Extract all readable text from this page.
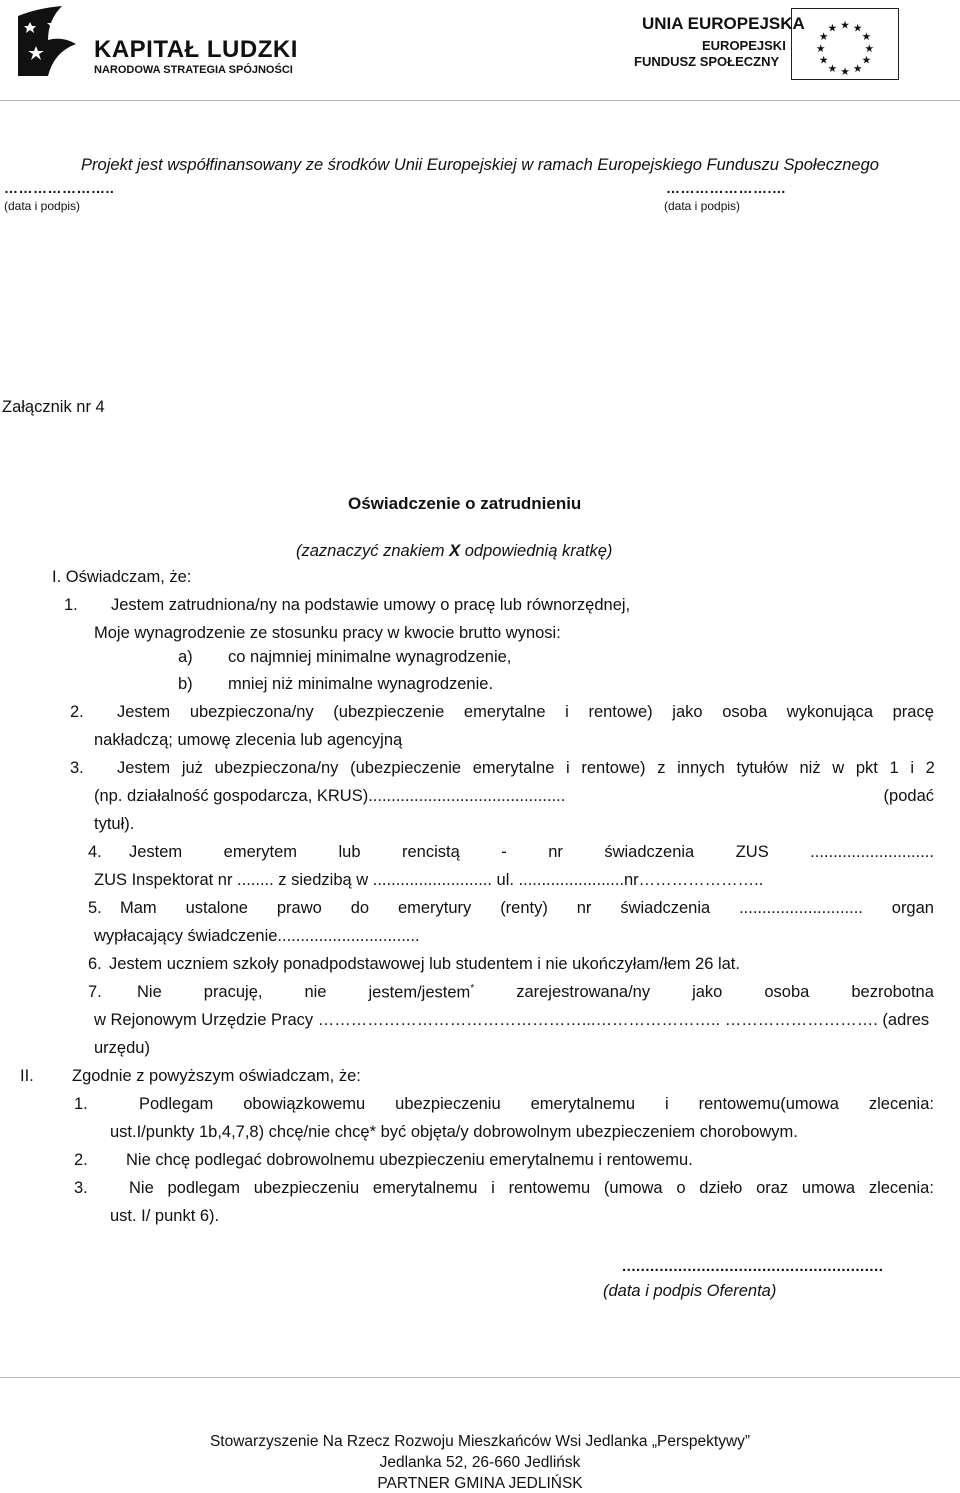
KAPITAŁ LUDZKI
NARODOWA STRATEGIA SPÓJNOŚCI
UNIA EUROPEJSKA
EUROPEJSKI
FUNDUSZ SPOŁECZNY
★ ★
★
★
★
★
★
★
★
★
★
★
Projekt jest współfinansowany ze środków Unii Europejskiej w ramach Europejskiego Funduszu Społecznego
…………………..
(data i podpis)
………………….…
(data i podpis)
Załącznik nr 4
Oświadczenie o zatrudnieniu
(zaznaczyć znakiem X odpowiednią kratkę)
I. Oświadczam, że:
1. Jestem zatrudniona/ny na podstawie umowy o pracę lub równorzędnej,
Moje wynagrodzenie ze stosunku pracy w kwocie brutto wynosi:
a) co najmniej minimalne wynagrodzenie,
b) mniej niż minimalne wynagrodzenie.
2. Jestem ubezpieczona/ny (ubezpieczenie emerytalne i rentowe) jako osoba wykonująca pracę
nakładczą; umowę zlecenia lub agencyjną
3. Jestem już ubezpieczona/ny (ubezpieczenie emerytalne i rentowe) z innych tytułów niż w pkt 1 i 2
(np. działalność gospodarcza, KRUS)...........................................	(podać
tytuł).
4. Jestem	emerytem	lub	rencistą	-	nr	świadczenia	ZUS	...........................
ZUS Inspektorat nr ........ z siedzibą w .......................... ul. .......................nr…………………..
5. Mam ustalone prawo do emerytury (renty) nr świadczenia ........................... organ
wypłacający świadczenie...............................
6. Jestem uczniem szkoły ponadpodstawowej lub studentem i nie ukończyłam/łem 26 lat.
7. Nie	pracuję,	nie	jestem/jestem*	zarejestrowana/ny	jako	osoba	bezrobotna
w Rejonowym Urzędzie Pracy …………………………………………...………………….. ………………………. (adres
urzędu)
II. Zgodnie z powyższym oświadczam, że:
1.	Podlegam obowiązkowemu ubezpieczeniu emerytalnemu i rentowemu(umowa zlecenia:
ust.I/punkty 1b,4,7,8) chcę/nie chcę* być objęta/y dobrowolnym ubezpieczeniem chorobowym.
2. Nie chcę podlegać dobrowolnemu ubezpieczeniu emerytalnemu i rentowemu.
3. Nie podlegam ubezpieczeniu emerytalnemu i rentowemu (umowa o dzieło oraz umowa zlecenia:
ust. I/ punkt 6).
........................................................
(data i podpis Oferenta)
Stowarzyszenie Na Rzecz Rozwoju Mieszkańców Wsi Jedlanka „Perspektywy”
Jedlanka 52, 26-660 Jedlińsk
PARTNER GMINA JEDLIŃSK
